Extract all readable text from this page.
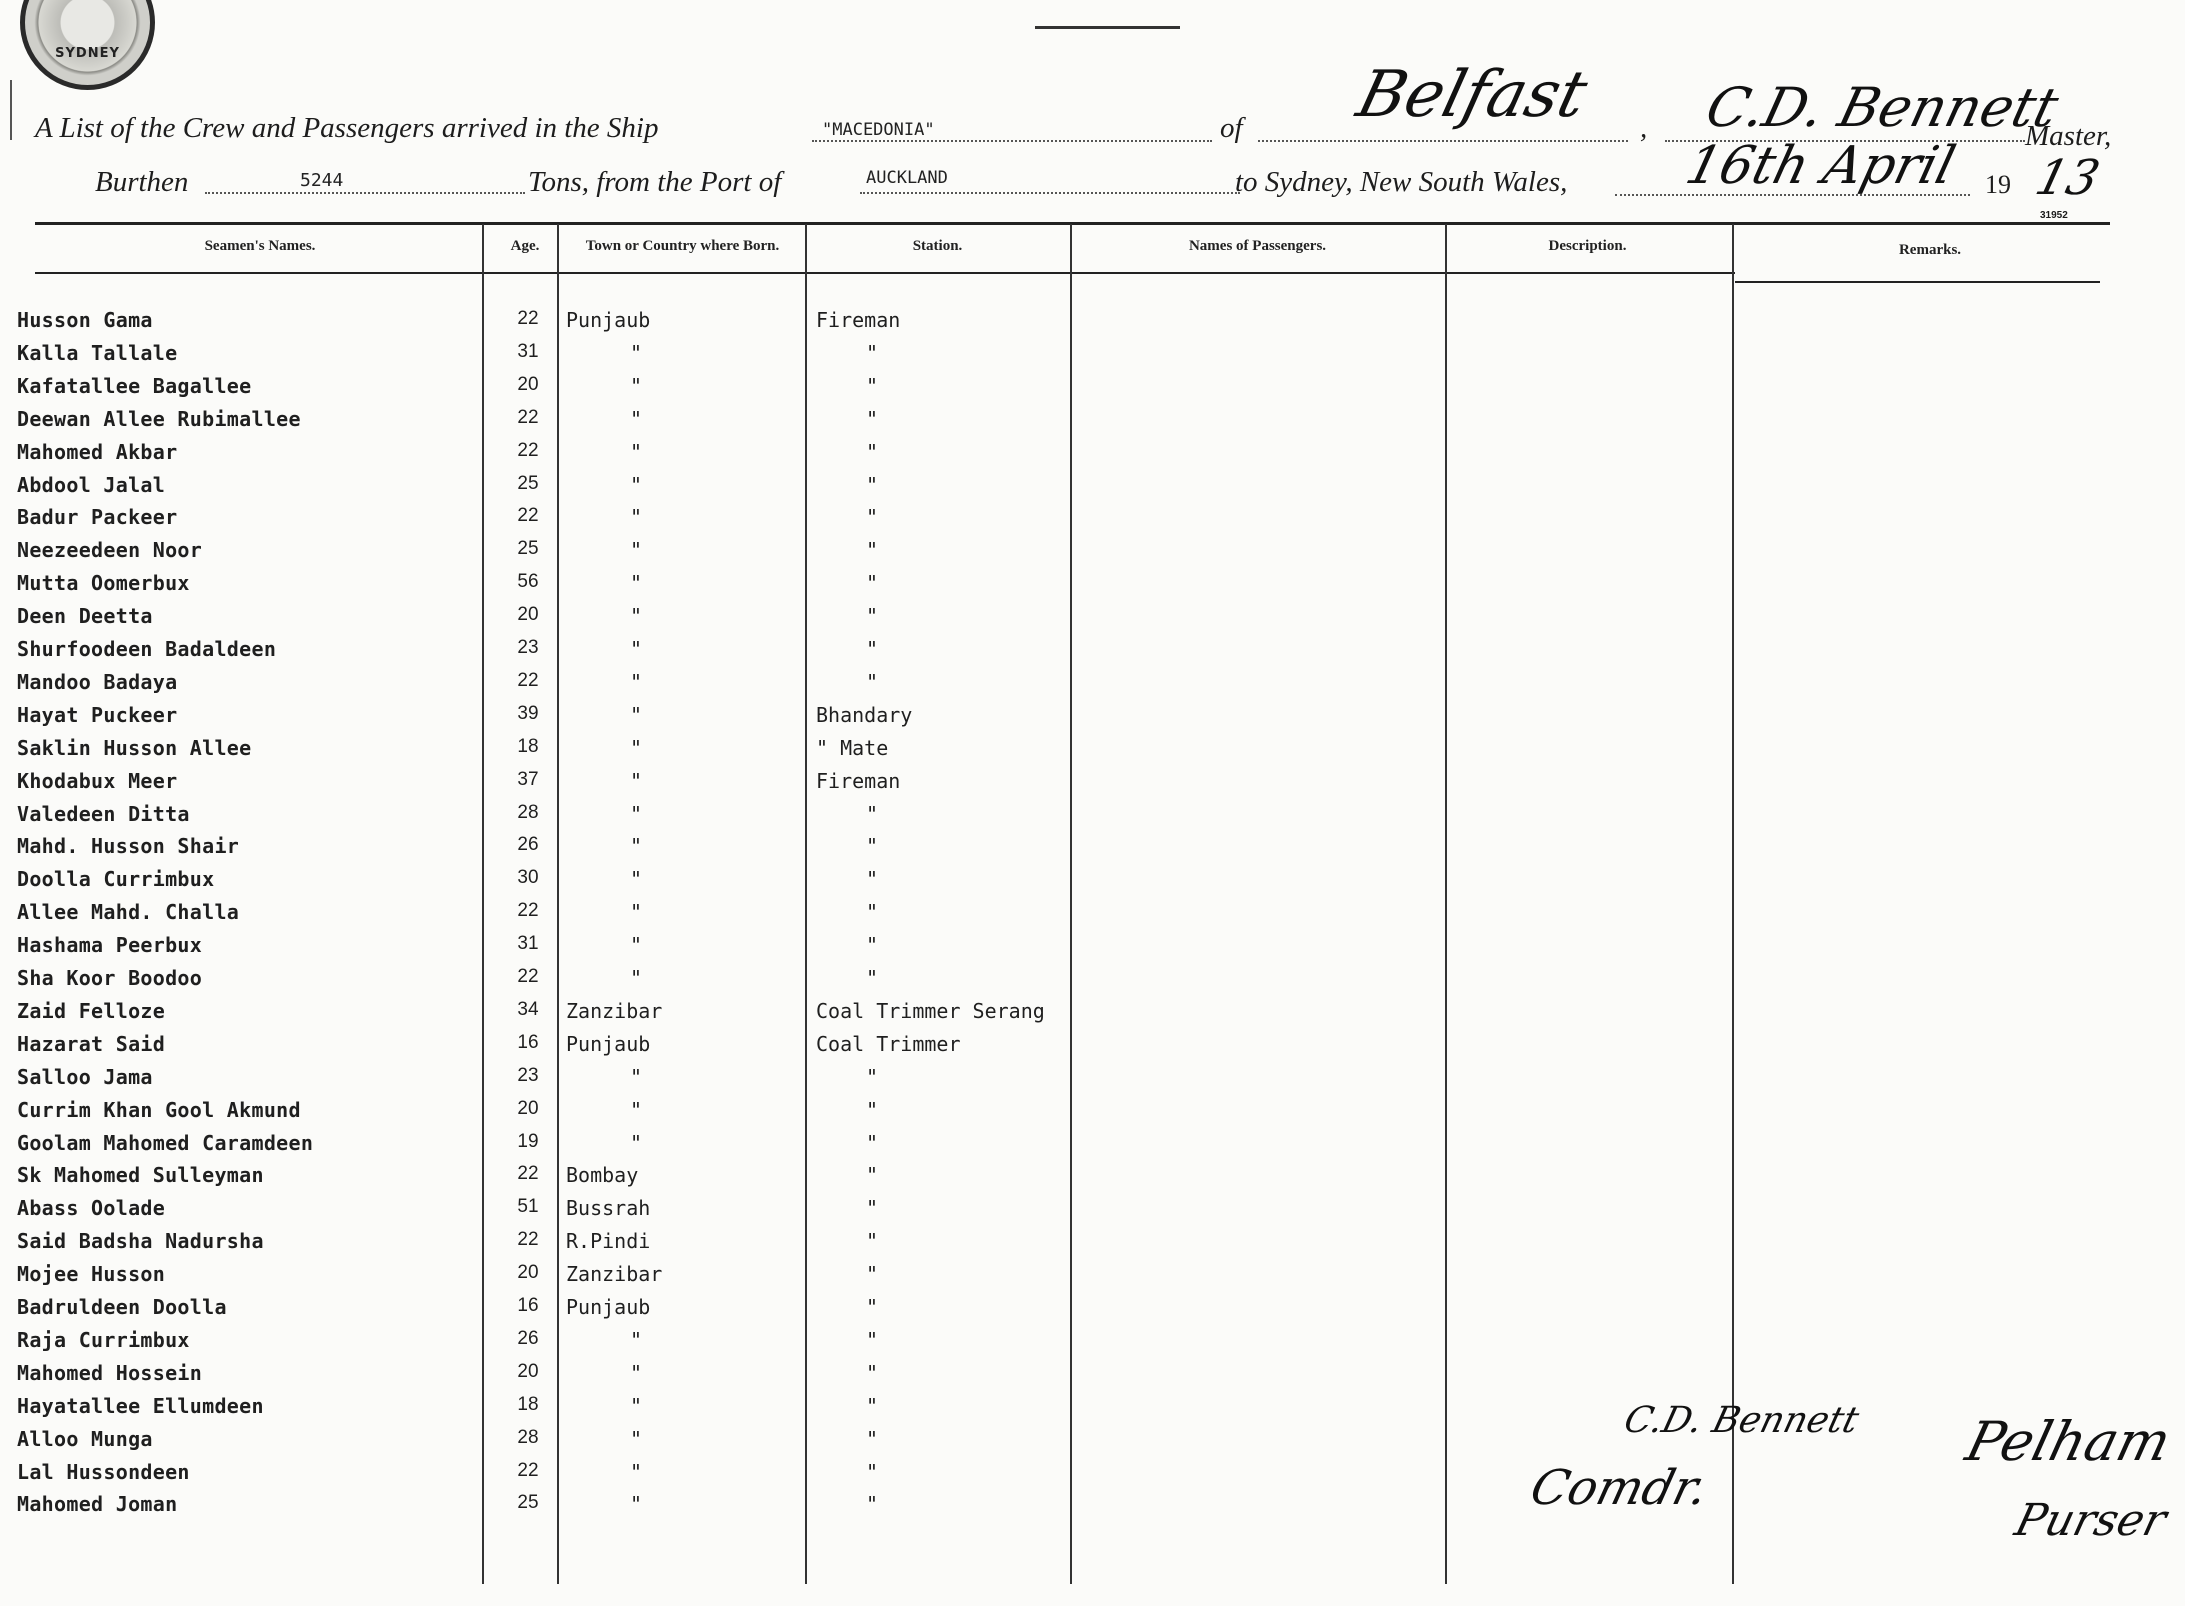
SYDNEY
A List of the Crew and Passengers arrived in the Ship	"MACEDONIA"	of Belfast , C.D. Bennett
Master,
Burthen	5244	Tons, from the Port of	AUCKLAND	to Sydney, New South Wales, 16th April 19 13
31952
Seamen's Names.	Age.	Town or Country where Born.	Station.	Names of Passengers.	Description.	Remarks.
Husson Gama	22	Punjaub	Fireman
Kalla Tallale	31	"	"
Kafatallee Bagallee	20	"	"
Deewan Allee Rubimallee	22	"	"
Mahomed Akbar	22	"	"
Abdool Jalal	25	"	"
Badur Packeer	22	"	"
Neezeedeen Noor	25	"	"
Mutta Oomerbux	56	"	"
Deen Deetta	20	"	"
Shurfoodeen Badaldeen	23	"	"
Mandoo Badaya	22	"	"
Hayat Puckeer	39	"	Bhandary
Saklin Husson Allee	18	"	" Mate
Khodabux Meer	37	"	Fireman
Valedeen Ditta	28	"	"
Mahd. Husson Shair	26	"	"
Doolla Currimbux	30	"	"
Allee Mahd. Challa	22	"	"
Hashama Peerbux	31	"	"
Sha Koor Boodoo	22	"	"
Zaid Felloze	34	Zanzibar	Coal Trimmer Serang
Hazarat Said	16	Punjaub	Coal Trimmer
Salloo Jama	23	"	"
Currim Khan Gool Akmund	20	"	"
Goolam Mahomed Caramdeen	19	"	"
Sk Mahomed Sulleyman	22	Bombay	"
Abass Oolade	51	Bussrah	"
Said Badsha Nadursha	22	R.Pindi	"
Mojee Husson	20	Zanzibar	"
Badruldeen Doolla	16	Punjaub	"
Raja Currimbux	26	"	"
Mahomed Hossein	20	"	"
Hayatallee Ellumdeen	18	"	"
Alloo Munga	28	"	"
Lal Hussondeen	22	"	"
Mahomed Joman	25	"	"
C.D. Bennett
Comdr.
Pelham
Purser
